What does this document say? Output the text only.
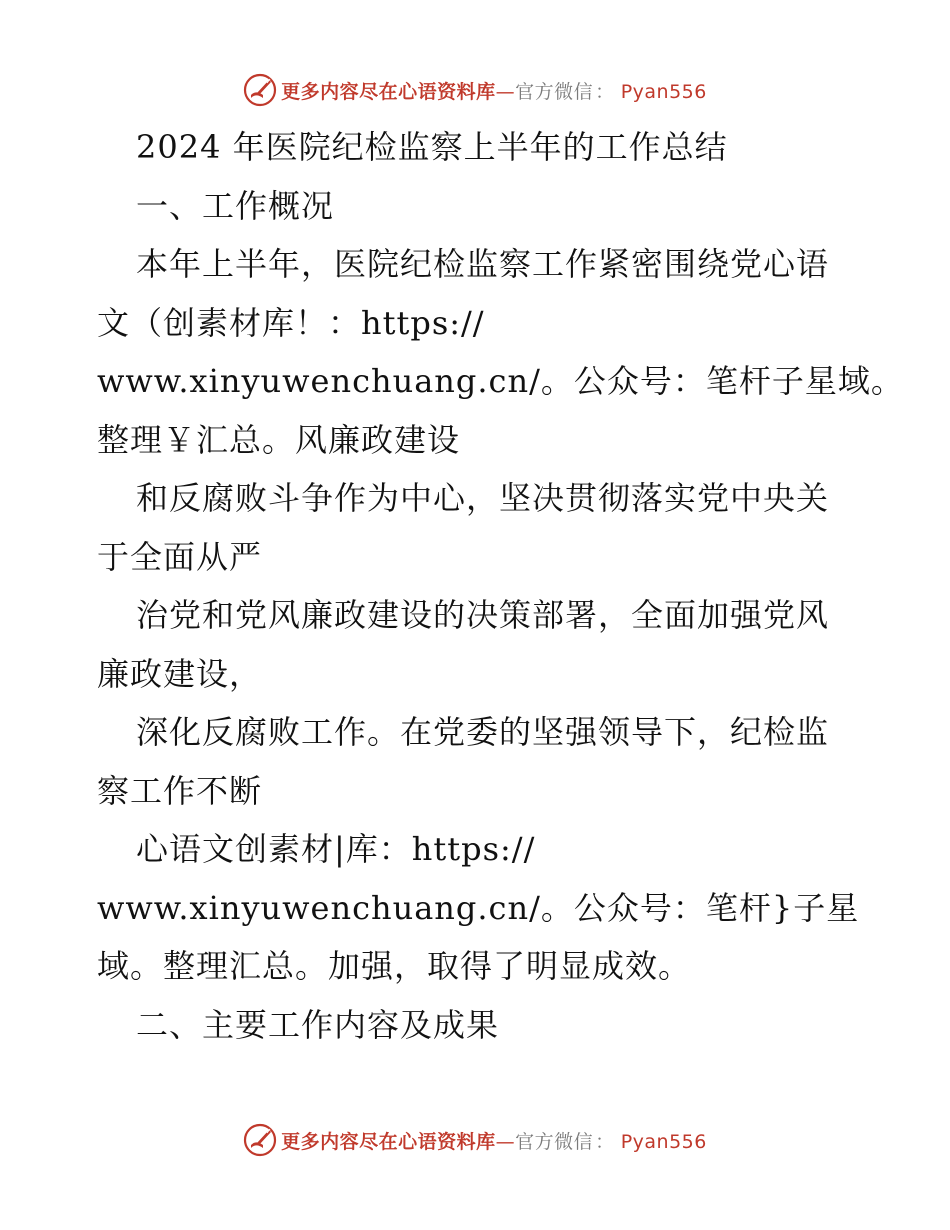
更多内容尽在心语资料库—官方微信 ： Pyan556
2024 年医院纪检监察上半年的工作总结
一、工作概况
本年上半年，医院纪检监察工作紧密围绕党心语
文（创素材库！：https://
www.xinyuwenchuang.cn/。公众号：笔杆子星域。
整理￥汇总。风廉政建设
和反腐败斗争作为中心，坚决贯彻落实党中央关
于全面从严
治党和党风廉政建设的决策部署，全面加强党风
廉政建设，
深化反腐败工作。在党委的坚强领导下，纪检监
察工作不断
心语文创素材|库：https://
www.xinyuwenchuang.cn/。公众号：笔杆}子星
域。整理汇总。加强，取得了明显成效。
二、主要工作内容及成果
更多内容尽在心语资料库—官方微信 ： Pyan556
